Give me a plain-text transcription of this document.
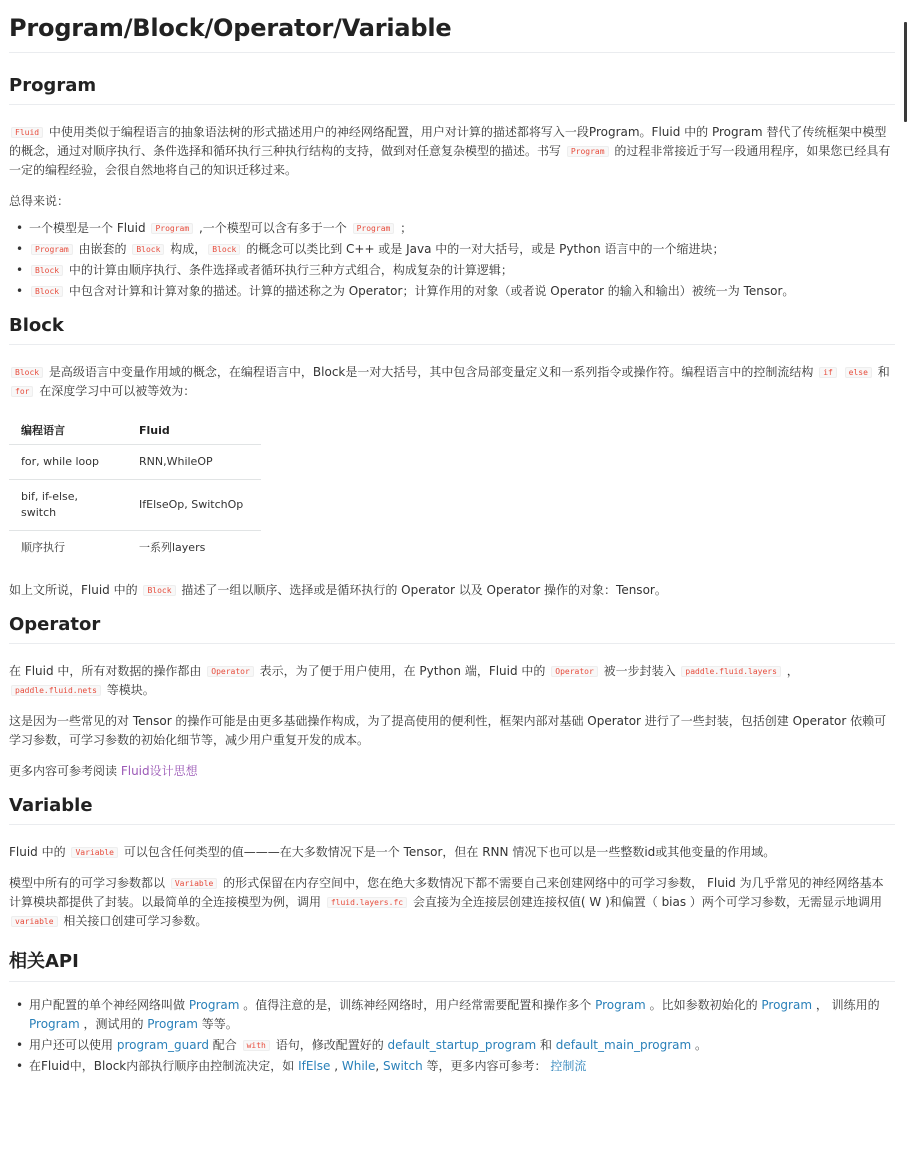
Program/Block/Operator/Variable
Program

Fluid 中使用类似于编程语言的抽象语法树的形式描述用户的神经网络配置，用户对计算的描述都将写入一段Program。Fluid 中的 Program 替代了传统框架中模型的概念，通过对顺序执行、条件选择和循环执行三种执行结构的支持，做到对任意复杂模型的描述。书写 Program 的过程非常接近于写一段通用程序，如果您已经具有一定的编程经验，会很自然地将自己的知识迁移过来。

总得来说：

• 一个模型是一个 Fluid Program ,一个模型可以含有多于一个 Program ；
• Program 由嵌套的 Block 构成， Block 的概念可以类比到 C++ 或是 Java 中的一对大括号，或是 Python 语言中的一个缩进块；
• Block 中的计算由顺序执行、条件选择或者循环执行三种方式组合，构成复杂的计算逻辑；
• Block 中包含对计算和计算对象的描述。计算的描述称之为 Operator；计算作用的对象（或者说 Operator 的输入和输出）被统一为 Tensor。
Block

Block 是高级语言中变量作用域的概念，在编程语言中，Block是一对大括号，其中包含局部变量定义和一系列指令或操作符。编程语言中的控制流结构 if else 和 for 在深度学习中可以被等效为：

编程语言	Fluid
for, while loop	RNN,WhileOP
bif, if-else, switch	IfElseOp, SwitchOp
顺序执行	一系列layers

如上文所说，Fluid 中的 Block 描述了一组以顺序、选择或是循环执行的 Operator 以及 Operator 操作的对象：Tensor。

Operator

在 Fluid 中，所有对数据的操作都由 Operator 表示，为了便于用户使用，在 Python 端，Fluid 中的 Operator 被一步封装入 paddle.fluid.layers ， paddle.fluid.nets 等模块。

这是因为一些常见的对 Tensor 的操作可能是由更多基础操作构成，为了提高使用的便利性，框架内部对基础 Operator 进行了一些封装，包括创建 Operator 依赖可学习参数，可学习参数的初始化细节等，减少用户重复开发的成本。

更多内容可参考阅读 Fluid设计思想

Variable

Fluid 中的 Variable 可以包含任何类型的值———在大多数情况下是一个 Tensor，但在 RNN 情况下也可以是一些整数id或其他变量的作用域。

模型中所有的可学习参数都以 Variable 的形式保留在内存空间中，您在绝大多数情况下都不需要自己来创建网络中的可学习参数， Fluid 为几乎常见的神经网络基本计算模块都提供了封装。以最简单的全连接模型为例，调用 fluid.layers.fc 会直接为全连接层创建连接权值( W )和偏置（ bias ）两个可学习参数，无需显示地调用 variable 相关接口创建可学习参数。

相关API
• 用户配置的单个神经网络叫做 Program 。值得注意的是，训练神经网络时，用户经常需要配置和操作多个 Program 。比如参数初始化的 Program ， 训练用的 Program ，测试用的 Program 等等。
• 用户还可以使用 program_guard 配合 with 语句，修改配置好的 default_startup_program 和 default_main_program 。
• 在Fluid中，Block内部执行顺序由控制流决定，如 IfElse , While, Switch 等，更多内容可参考： 控制流
